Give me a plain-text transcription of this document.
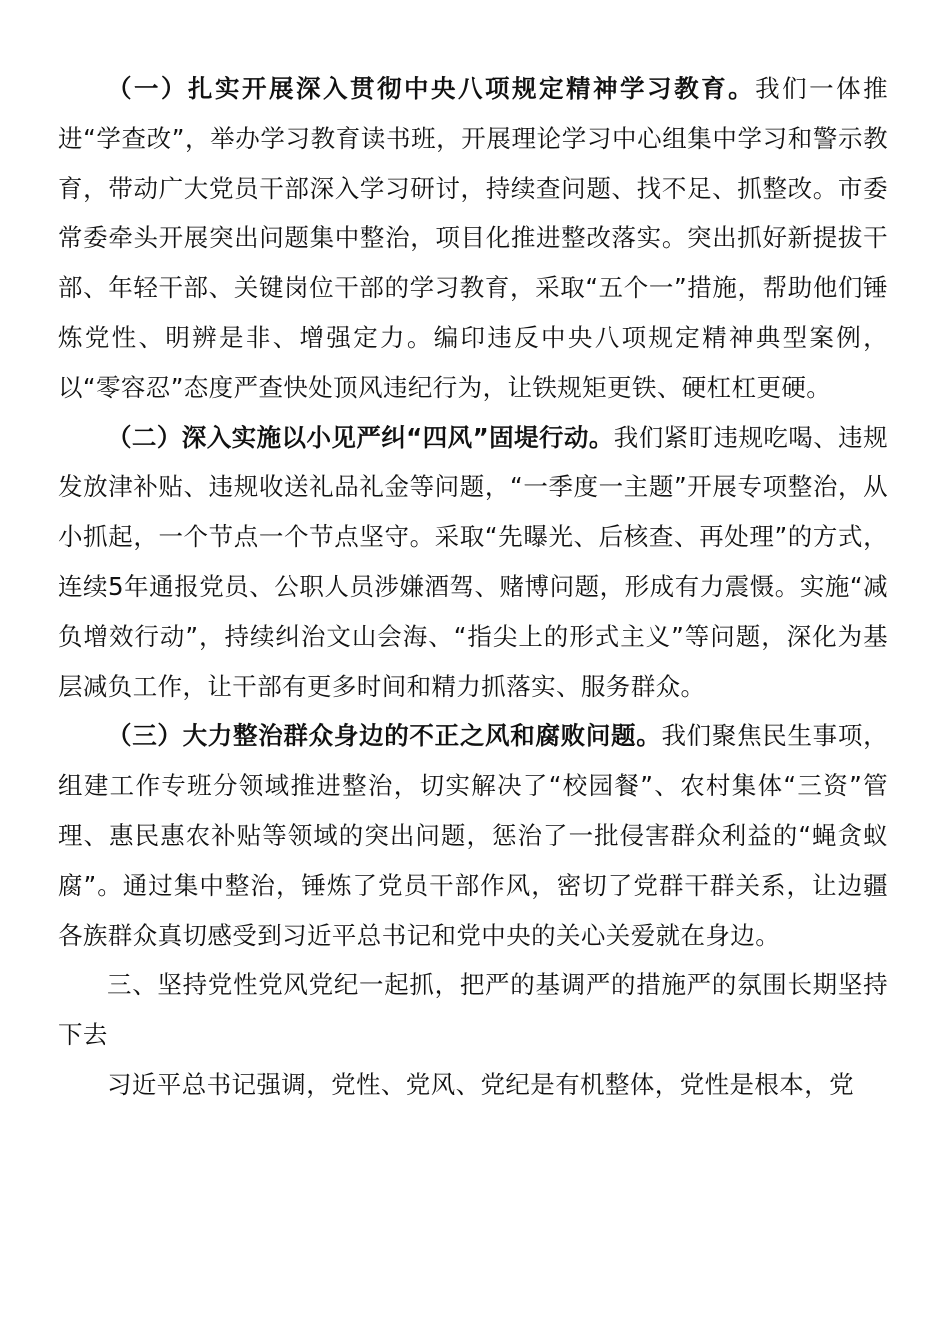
（一）扎实开展深入贯彻中央八项规定精神学习教育。我们一体推进“学查改”，举办学习教育读书班，开展理论学习中心组集中学习和警示教育，带动广大党员干部深入学习研讨，持续查问题、找不足、抓整改。市委常委牵头开展突出问题集中整治，项目化推进整改落实。突出抓好新提拔干部、年轻干部、关键岗位干部的学习教育，采取“五个一”措施，帮助他们锤炼党性、明辨是非、增强定力。编印违反中央八项规定精神典型案例，以“零容忍”态度严查快处顶风违纪行为，让铁规矩更铁、硬杠杠更硬。

（二）深入实施以小见严纠“四风”固堤行动。我们紧盯违规吃喝、违规发放津补贴、违规收送礼品礼金等问题，“一季度一主题”开展专项整治，从小抓起，一个节点一个节点坚守。采取“先曝光、后核查、再处理”的方式，连续5年通报党员、公职人员涉嫌酒驾、赌博问题，形成有力震慑。实施“减负增效行动”，持续纠治文山会海、“指尖上的形式主义”等问题，深化为基层减负工作，让干部有更多时间和精力抓落实、服务群众。

（三）大力整治群众身边的不正之风和腐败问题。我们聚焦民生事项，组建工作专班分领域推进整治，切实解决了“校园餐”、农村集体“三资”管理、惠民惠农补贴等领域的突出问题，惩治了一批侵害群众利益的“蝇贪蚁腐”。通过集中整治，锤炼了党员干部作风，密切了党群干群关系，让边疆各族群众真切感受到习近平总书记和党中央的关心关爱就在身边。

三、坚持党性党风党纪一起抓，把严的基调严的措施严的氛围长期坚持下去

习近平总书记强调，党性、党风、党纪是有机整体，党性是根本，党
